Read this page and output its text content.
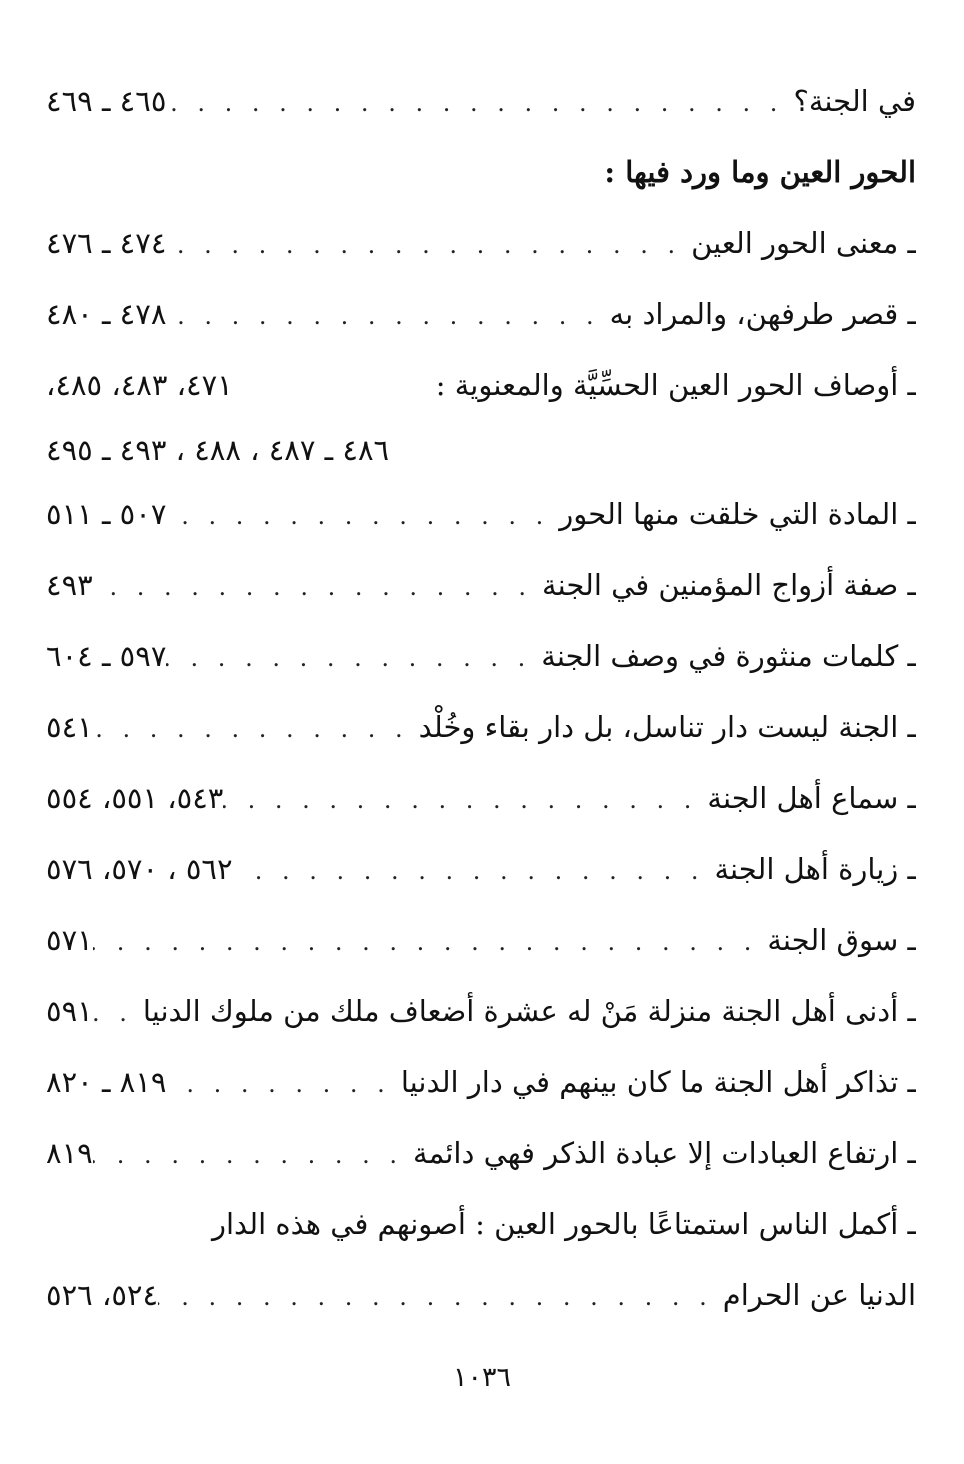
في الجنة؟
. . .
٤٦٥ ـ ٤٦٩
الحور العين وما ورد فيها :
ـ معنى الحور العين
. . .
٤٧٤ ـ ٤٧٦
ـ قصر طرفهن، والمراد به
. . .
٤٧٨ ـ ٤٨٠
ـ أوصاف الحور العين الحسِّيَّة والمعنوية :
٤٧١، ٤٨٣، ٤٨٥،
٤٨٦ ـ ٤٨٧ ، ٤٨٨ ، ٤٩٣ ـ ٤٩٥
ـ المادة التي خلقت منها الحور
. . .
٥٠٧ ـ ٥١١
ـ صفة أزواج المؤمنين في الجنة
. . .
٤٩٣
ـ كلمات منثورة في وصف الجنة
. . .
٥٩٧ ـ ٦٠٤
ـ الجنة ليست دار تناسل، بل دار بقاء وخُلْد
. . .
٥٤١
ـ سماع أهل الجنة
. . .
٥٤٣، ٥٥١، ٥٥٤
ـ زيارة أهل الجنة
. . .
٥٦٢ ، ٥٧٠، ٥٧٦
ـ سوق الجنة
. . .
٥٧١
ـ أدنى أهل الجنة منزلة مَنْ له عشرة أضعاف ملك من ملوك الدنيا
. . .
٥٩١
ـ تذاكر أهل الجنة ما كان بينهم في دار الدنيا
. . .
٨١٩ ـ ٨٢٠
ـ ارتفاع العبادات إلا عبادة الذكر فهي دائمة
. . .
٨١٩
ـ أكمل الناس استمتاعًا بالحور العين : أصونهم في هذه الدار
الدنيا عن الحرام
. . .
٥٢٤، ٥٢٦
١٠٣٦
